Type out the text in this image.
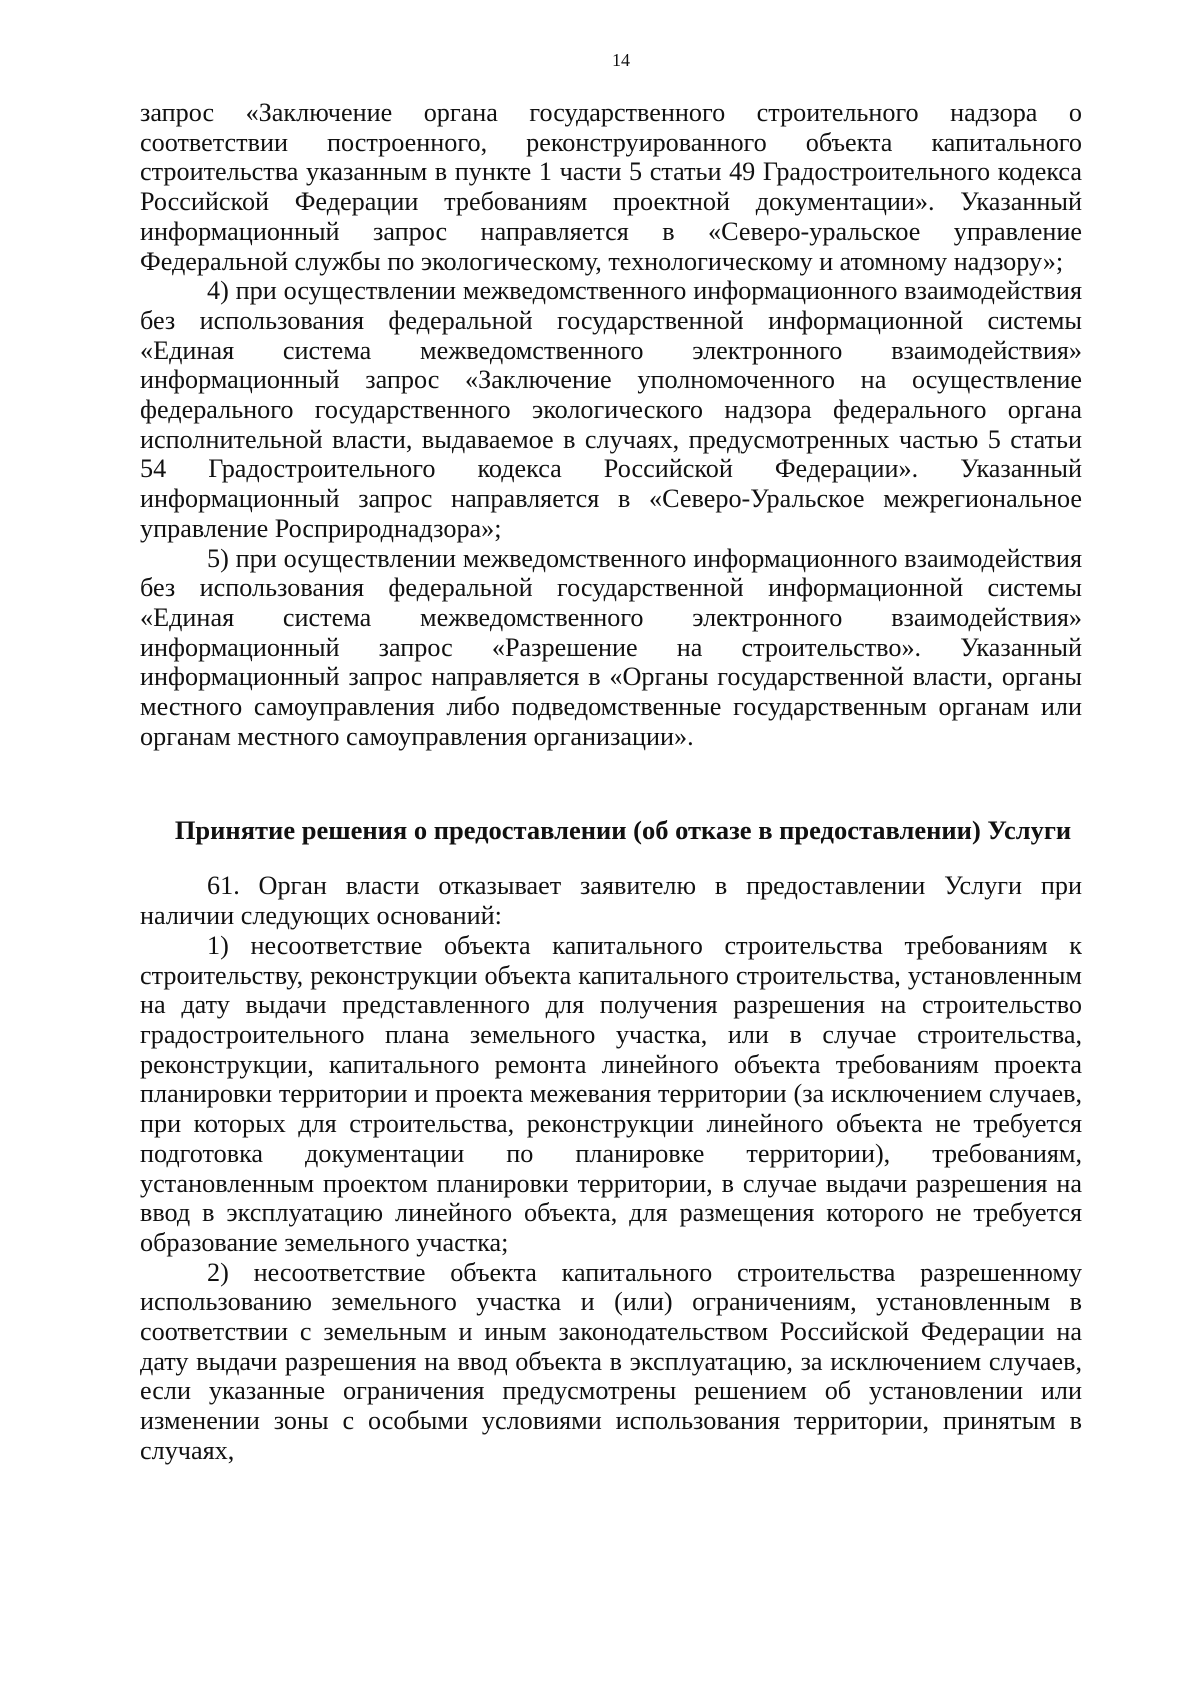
14

запрос «Заключение органа государственного строительного надзора о соответствии построенного, реконструированного объекта капитального строительства указанным в пункте 1 части 5 статьи 49 Градостроительного кодекса Российской Федерации требованиям проектной документации». Указанный информационный запрос направляется в «Северо-уральское управление Федеральной службы по экологическому, технологическому и атомному надзору»;

4) при осуществлении межведомственного информационного взаимодействия без использования федеральной государственной информационной системы «Единая система межведомственного электронного взаимодействия» информационный запрос «Заключение уполномоченного на осуществление федерального государственного экологического надзора федерального органа исполнительной власти, выдаваемое в случаях, предусмотренных частью 5 статьи 54 Градостроительного кодекса Российской Федерации». Указанный информационный запрос направляется в «Северо-Уральское межрегиональное управление Росприроднадзора»;

5) при осуществлении межведомственного информационного взаимодействия без использования федеральной государственной информационной системы «Единая система межведомственного электронного взаимодействия» информационный запрос «Разрешение на строительство». Указанный информационный запрос направляется в «Органы государственной власти, органы местного самоуправления либо подведомственные государственным органам или органам местного самоуправления организации».

Принятие решения о предоставлении (об отказе в предоставлении) Услуги

61. Орган власти отказывает заявителю в предоставлении Услуги при наличии следующих оснований:

1) несоответствие объекта капитального строительства требованиям к строительству, реконструкции объекта капитального строительства, установленным на дату выдачи представленного для получения разрешения на строительство градостроительного плана земельного участка, или в случае строительства, реконструкции, капитального ремонта линейного объекта требованиям проекта планировки территории и проекта межевания территории (за исключением случаев, при которых для строительства, реконструкции линейного объекта не требуется подготовка документации по планировке территории), требованиям, установленным проектом планировки территории, в случае выдачи разрешения на ввод в эксплуатацию линейного объекта, для размещения которого не требуется образование земельного участка;

2) несоответствие объекта капитального строительства разрешенному использованию земельного участка и (или) ограничениям, установленным в соответствии с земельным и иным законодательством Российской Федерации на дату выдачи разрешения на ввод объекта в эксплуатацию, за исключением случаев, если указанные ограничения предусмотрены решением об установлении или изменении зоны с особыми условиями использования территории, принятым в случаях,
